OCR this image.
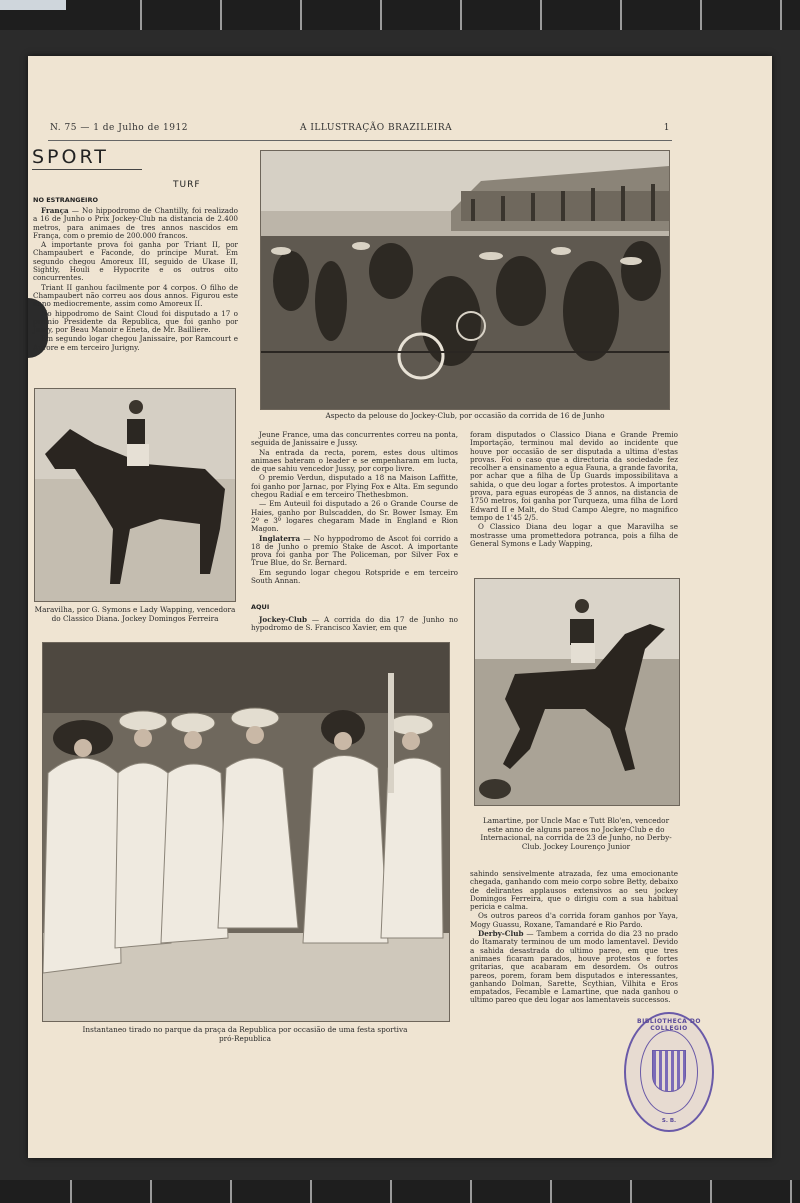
N. 75 — 1 de Julho de 1912	A ILLUSTRAÇÃO BRAZILEIRA	1
SPORT
TURF
NO ESTRANGEIRO

França — No hippodromo de Chantilly, foi realizado a 16 de Junho o Prix Jockey-Club na distancia de 2.400 metros, para animaes de tres annos nascidos em França, com o premio de 200.000 francos.

A importante prova foi ganha por Triant II, por Champaubert e Faconde, do principe Murat. Em segundo chegou Amoreux III, seguido de Ukase II, Sightly, Houli e Hypocrite e os outros oito concurrentes.

Triant II ganhou facilmente por 4 corpos. O filho de Champaubert não correu aos dous annos. Figurou este anno mediocremente, assim como Amoreux II.

No hippodromo de Saint Cloud foi disputado a 17 o premio Presidente da Republica, que foi ganho por Jussy, por Beau Manoir e Eneta, de Mr. Bailliere.

Em segundo logar chegou Janissaire, por Ramcourt e Aurore e em terceiro Jurigny.

Aspecto da pelouse do Jockey-Club, por occasião da corrida de 16 de Junho
Maravilha, por G. Symons e Lady Wapping, vencedora do Classico Diana. Jockey Domingos Ferreira

Jeune France, uma das concurrentes correu na ponta, seguida de Janissaire e Jussy.

Na entrada da recta, porem, estes dous ultimos animaes bateram o leader e se empenharam em lucta, de que sahiu vencedor Jussy, por corpo livre.

O premio Verdun, disputado a 18 na Maison Laffitte, foi ganho por Jarnac, por Flying Fox e Alta. Em segundo chegou Radial e em terceiro Thethesbmon.

— Em Auteuil foi disputado a 26 o Grande Course de Haies, ganho por Bulscadden, do Sr. Bower Ismay. Em 2º e 3º logares chegaram Made in England e Rion Magon.

Inglaterra — No hyppodromo de Ascot foi corrido a 18 de Junho o premio Stake de Ascot. A importante prova foi ganha por The Policeman, por Silver Fox e True Blue, do Sr. Bernard.

Em segundo logar chegou Rotspride e em terceiro South Annan.

AQUI

Jockey-Club — A corrida do dia 17 de Junho no hypodromo de S. Francisco Xavier, em que

foram disputados o Classico Diana e Grande Premio Importação, terminou mal devido ao incidente que houve por occasião de ser disputada a ultima d'estas provas. Foi o caso que a directoria da sociedade fez recolher a ensinamento a egua Fauna, a grande favorita, por achar que a filha de Up Guards impossibilitava a sahida, o que deu logar a fortes protestos. A importante prova, para eguas européas de 3 annos, na distancia de 1750 metros, foi ganha por Turqueza, uma filha de Lord Edward II e Malt, do Stud Campo Alegre, no magnifico tempo de 1'45 2/5.

O Classico Diana deu logar a que Maravilha se mostrasse uma promettedora potranca, pois a filha de General Symons e Lady Wapping,

Lamartine, por Uncle Mac e Tutt Blo'en, vencedor este anno de alguns pareos no Jockey-Club e do Internacional, na corrida de 23 de Junho, no Derby-Club. Jockey Lourenço Junior
Instantaneo tirado no parque da praça da Republica por occasião de uma festa sportiva pró-Republica

sahindo sensivelmente atrazada, fez uma emocionante chegada, ganhando com meio corpo sobre Betty, debaixo de delirantes applausos extensivos ao seu jockey Domingos Ferreira, que o dirigiu com a sua habitual pericia e calma.

Os outros pareos d'a corrida foram ganhos por Yaya, Mogy Guassu, Roxane, Tamandaré e Rio Pardo.

Derby-Club — Tambem a corrida do dia 23 no prado do Itamaraty terminou de um modo lamentavel. Devido a sahida desastrada do ultimo pareo, em que tres animaes ficaram parados, houve protestos e fortes gritarias, que acabaram em desordem. Os outros pareos, porem, foram bem disputados e interessantes, ganhando Dolman, Sarette, Scythian, Vilhita e Eros empatados, Fecamble e Lamartine, que nada ganhou o ultimo pareo que deu logar aos lamentaveis successos.

BIBLIOTHECA DO COLLEGIO
S. B.
